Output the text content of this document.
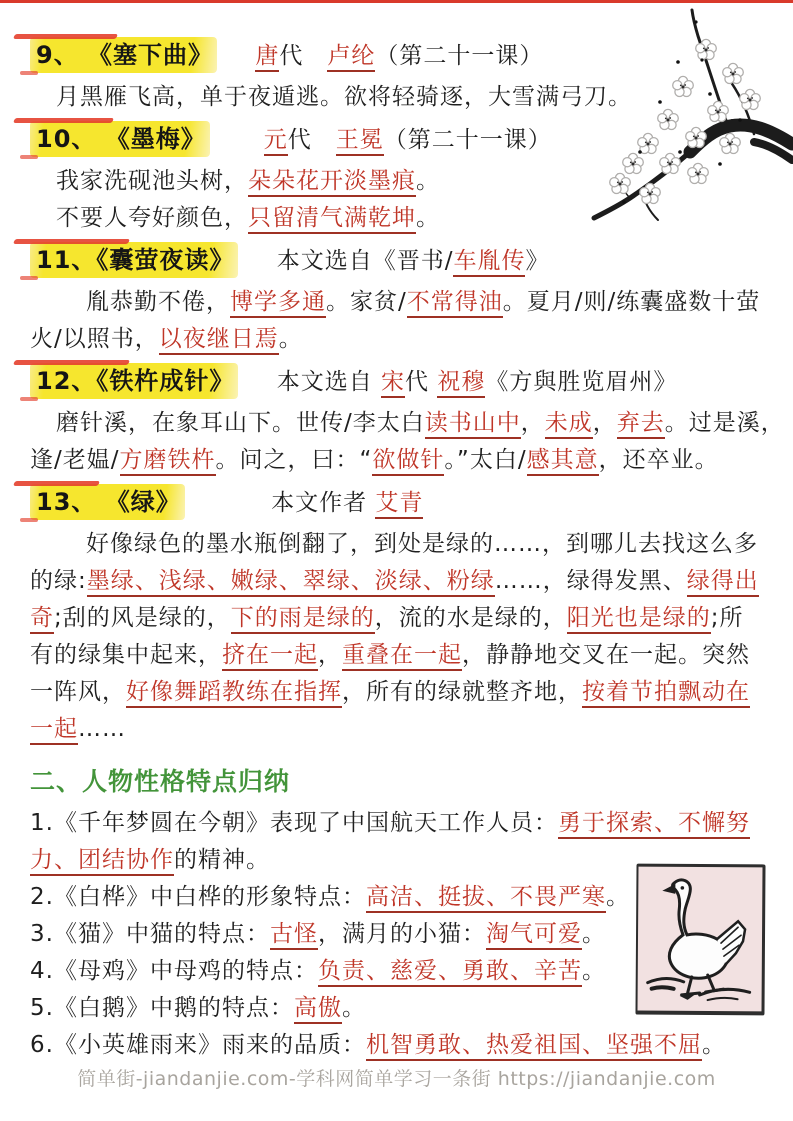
9、 《塞下曲》　 唐代　卢纶（第二十一课）
月黑雁飞高，单于夜遁逃。欲将轻骑逐，大雪满弓刀。
10、 《墨梅》　　	元代　王冕（第二十一课）
我家洗砚池头树，朵朵花开淡墨痕。
不要人夸好颜色，只留清气满乾坤。
11、《囊萤夜读》　 本文选自《晋书/车胤传》
胤恭勤不倦，博学多通。家贫/不常得油。夏月/则/练囊盛数十萤
火/以照书，以夜继日焉。
12、《铁杵成针》　 本文选自 宋代 祝穆《方與胜览眉州》
磨针溪，在象耳山下。世传/李太白读书山中，未成，弃去。过是溪，
逢/老媪/方磨铁杵。问之，曰：“欲做针。”太白/感其意，还卒业。
13、 《绿》　　　 本文作者 艾青
好像绿色的墨水瓶倒翻了，到处是绿的……，到哪儿去找这么多
的绿:墨绿、浅绿、嫩绿、翠绿、淡绿、粉绿……，绿得发黑、绿得出
奇;刮的风是绿的，下的雨是绿的，流的水是绿的，阳光也是绿的;所
有的绿集中起来，挤在一起，重叠在一起，静静地交叉在一起。突然
一阵风，好像舞蹈教练在指挥，所有的绿就整齐地，按着节拍飘动在
一起……
二、人物性格特点归纳
1.《千年梦圆在今朝》表现了中国航天工作人员：勇于探索、不懈努
力、团结协作的精神。
2.《白桦》中白桦的形象特点：高洁、挺拔、不畏严寒。
3.《猫》中猫的特点：古怪，满月的小猫：淘气可爱。
4.《母鸡》中母鸡的特点：负责、慈爱、勇敢、辛苦。
5.《白鹅》中鹅的特点：高傲。
6.《小英雄雨来》雨来的品质：机智勇敢、热爱祖国、坚强不屈。
简单街-jiandanjie.com-学科网简单学习一条街 https://jiandanjie.com
